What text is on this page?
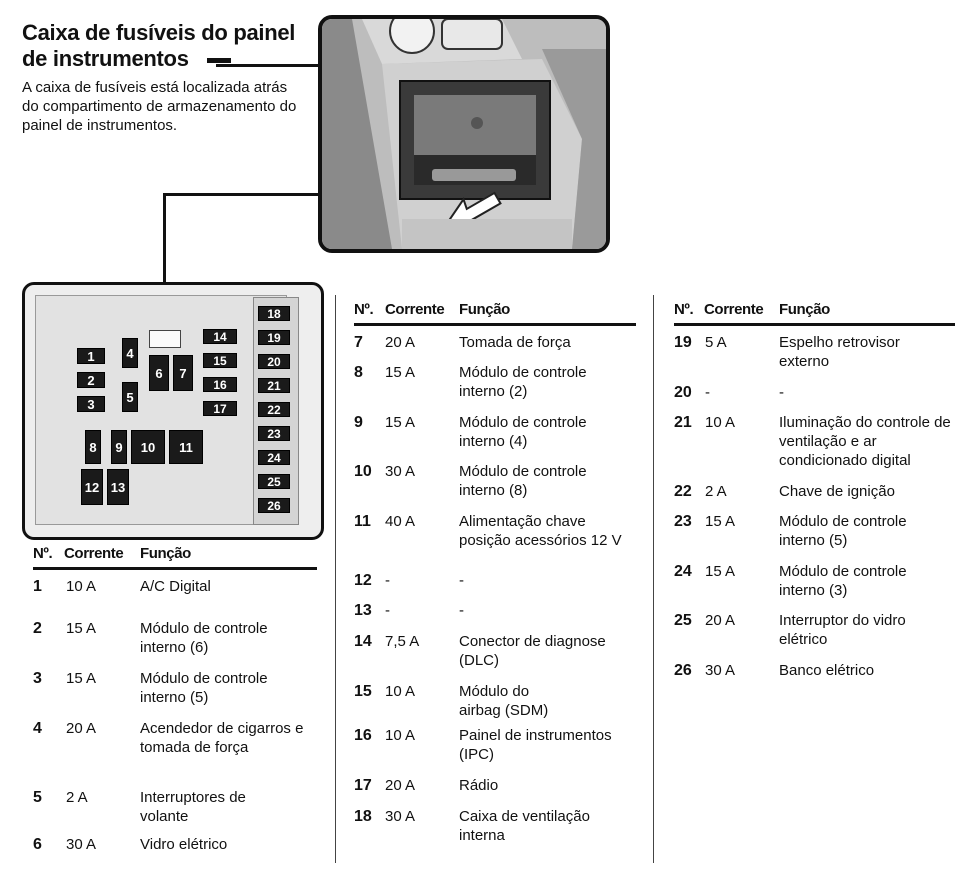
Caixa de fusíveis do painel
de instrumentos
A caixa de fusíveis está localizada atrás do compartimento de armazenamento do painel de instrumentos.
1
2
3
4
5
6	7
8	9	10	11
12 13
14
15
16
17
18
19
20
21
22
23
24
25
26
Nº. Corrente Função
1 10 A	A/C Digital
2 15 A	Módulo de controle interno (6)
3 15 A	Módulo de controle interno (5)
4 20 A	Acendedor de cigarros e tomada de força
5 2 A	Interruptores de volante
6 30 A	Vidro elétrico
Nº. Corrente Função
7 20 A	Tomada de força
8 15 A	Módulo de controle interno (2)
9 15 A	Módulo de controle interno (4)
10 30 A	Módulo de controle interno (8)
11 40 A	Alimentação chave posição acessórios 12 V
12 -	-
13 -	-
14 7,5 A	Conector de diagnose (DLC)
15 10 A	Módulo do airbag (SDM)
16 10 A	Painel de instrumentos (IPC)
17 20 A	Rádio
18 30 A	Caixa de ventilação interna
Nº. Corrente Função
19 5 A	Espelho retrovisor externo
20 -	-
21 10 A	Iluminação do controle de ventilação e ar condicionado digital
22 2 A	Chave de ignição
23 15 A	Módulo de controle interno (5)
24 15 A	Módulo de controle interno (3)
25 20 A	Interruptor do vidro elétrico
26 30 A	Banco elétrico
